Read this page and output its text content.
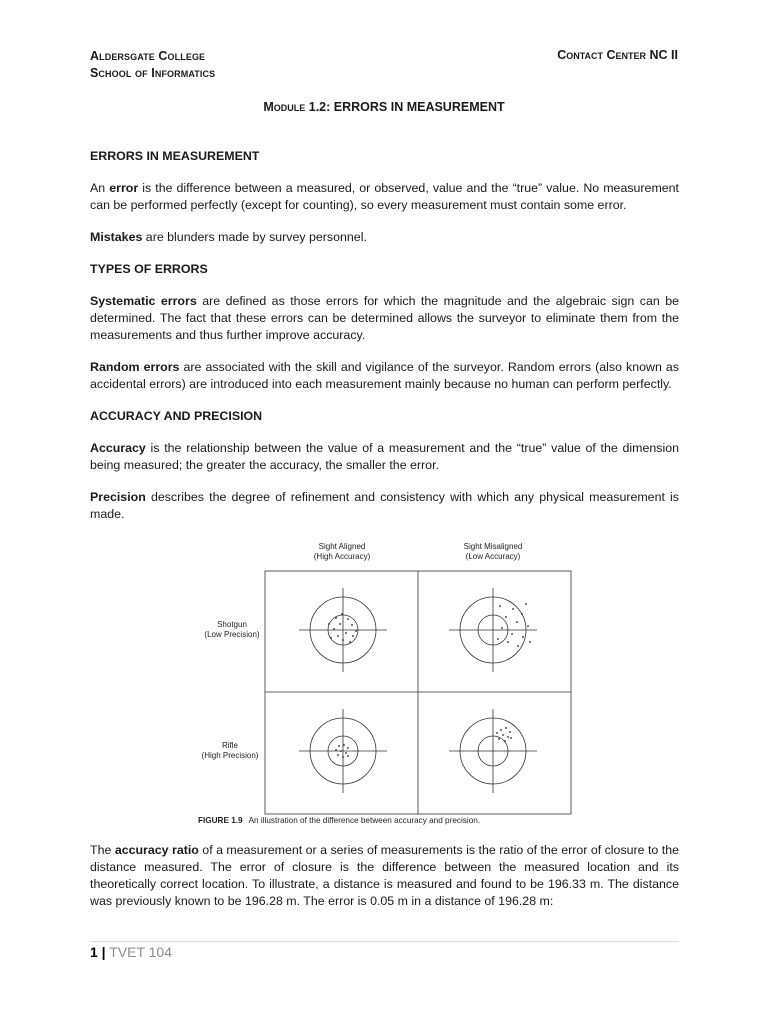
Aldersgate College
School of Informatics
Contact Center NC II
Module 1.2: ERRORS IN MEASUREMENT
ERRORS IN MEASUREMENT

An error is the difference between a measured, or observed, value and the “true” value. No measurement can be performed perfectly (except for counting), so every measurement must contain some error.

Mistakes are blunders made by survey personnel.

TYPES OF ERRORS

Systematic errors are defined as those errors for which the magnitude and the algebraic sign can be determined. The fact that these errors can be determined allows the surveyor to eliminate them from the measurements and thus further improve accuracy.

Random errors are associated with the skill and vigilance of the surveyor. Random errors (also known as accidental errors) are introduced into each measurement mainly because no human can perform perfectly.

ACCURACY AND PRECISION

Accuracy is the relationship between the value of a measurement and the “true” value of the dimension being measured; the greater the accuracy, the smaller the error.

Precision describes the degree of refinement and consistency with which any physical measurement is made.

Sight Aligned
(High Accuracy)
Sight Misaligned
(Low Accuracy)
Shotgun
(Low Precision)
Rifle
(High Precision)
FIGURE 1.9 An illustration of the difference between accuracy and precision.

The accuracy ratio of a measurement or a series of measurements is the ratio of the error of closure to the distance measured. The error of closure is the difference between the measured location and its theoretically correct location. To illustrate, a distance is measured and found to be 196.33 m. The distance was previously known to be 196.28 m. The error is 0.05 m in a distance of 196.28 m:

1 | TVET 104
